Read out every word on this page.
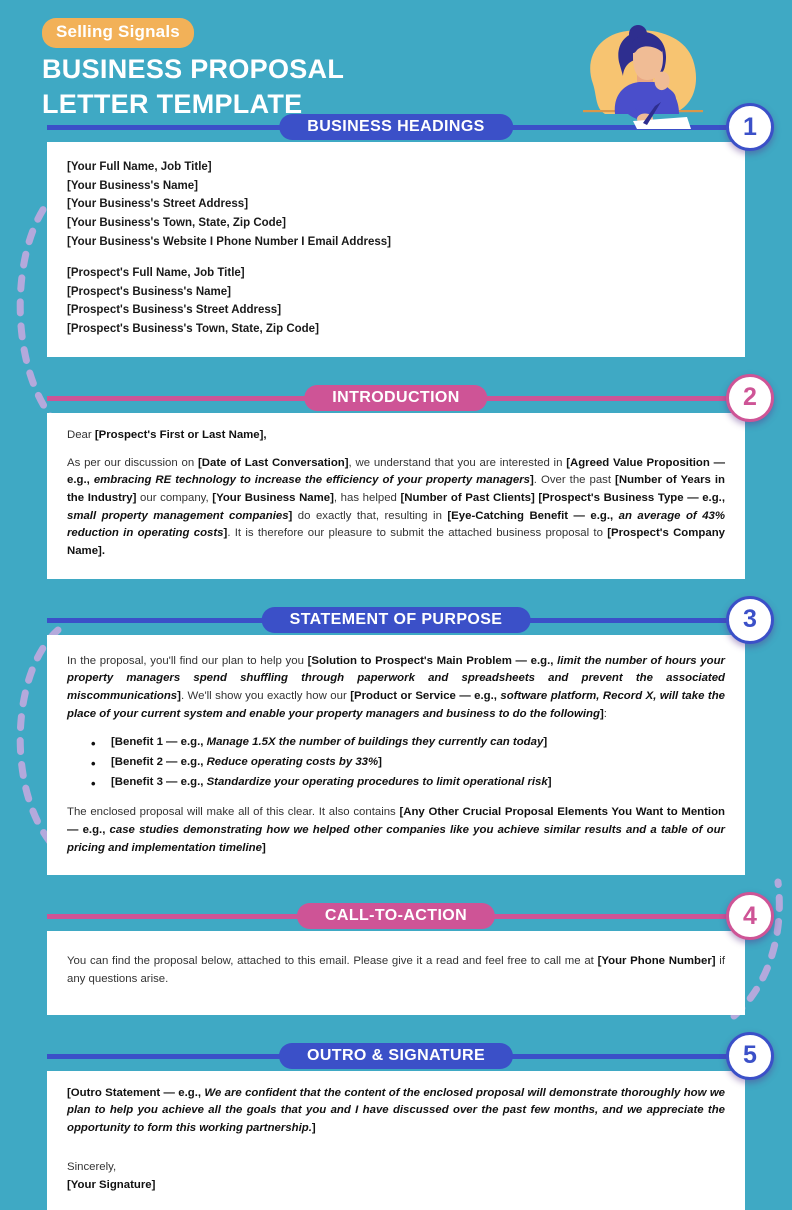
Selling Signals
BUSINESS PROPOSAL
LETTER TEMPLATE
BUSINESS HEADINGS	1
[Your Full Name, Job Title]
[Your Business's Name]
[Your Business's Street Address]
[Your Business's Town, State, Zip Code]
[Your Business's Website I Phone Number I Email Address]
[Prospect's Full Name, Job Title]
[Prospect's Business's Name]
[Prospect's Business's Street Address]
[Prospect's Business's Town, State, Zip Code]
INTRODUCTION	2
Dear [Prospect's First or Last Name],

As per our discussion on [Date of Last Conversation], we understand that you are interested in [Agreed Value Proposition — e.g., embracing RE technology to increase the efficiency of your property managers]. Over the past [Number of Years in the Industry] our company, [Your Business Name], has helped [Number of Past Clients] [Prospect's Business Type — e.g., small property management companies] do exactly that, resulting in [Eye-Catching Benefit — e.g., an average of 43% reduction in operating costs]. It is therefore our pleasure to submit the attached business proposal to [Prospect's Company Name].

STATEMENT OF PURPOSE	3

In the proposal, you'll find our plan to help you [Solution to Prospect's Main Problem — e.g., limit the number of hours your property managers spend shuffling through paperwork and spreadsheets and prevent the associated miscommunications]. We'll show you exactly how our [Product or Service — e.g., software platform, Record X, will take the place of your current system and enable your property managers and business to do the following]:

• [Benefit 1 — e.g., Manage 1.5X the number of buildings they currently can today]
• [Benefit 2 — e.g., Reduce operating costs by 33%]
• [Benefit 3 — e.g., Standardize your operating procedures to limit operational risk]

The enclosed proposal will make all of this clear. It also contains [Any Other Crucial Proposal Elements You Want to Mention — e.g., case studies demonstrating how we helped other companies like you achieve similar results and a table of our pricing and implementation timeline]

CALL-TO-ACTION	4

You can find the proposal below, attached to this email. Please give it a read and feel free to call me at [Your Phone Number] if any questions arise.

OUTRO & SIGNATURE	5

[Outro Statement — e.g., We are confident that the content of the enclosed proposal will demonstrate thoroughly how we plan to help you achieve all the goals that you and I have discussed over the past few months, and we appreciate the opportunity to form this working partnership.]

Sincerely,
[Your Signature]
